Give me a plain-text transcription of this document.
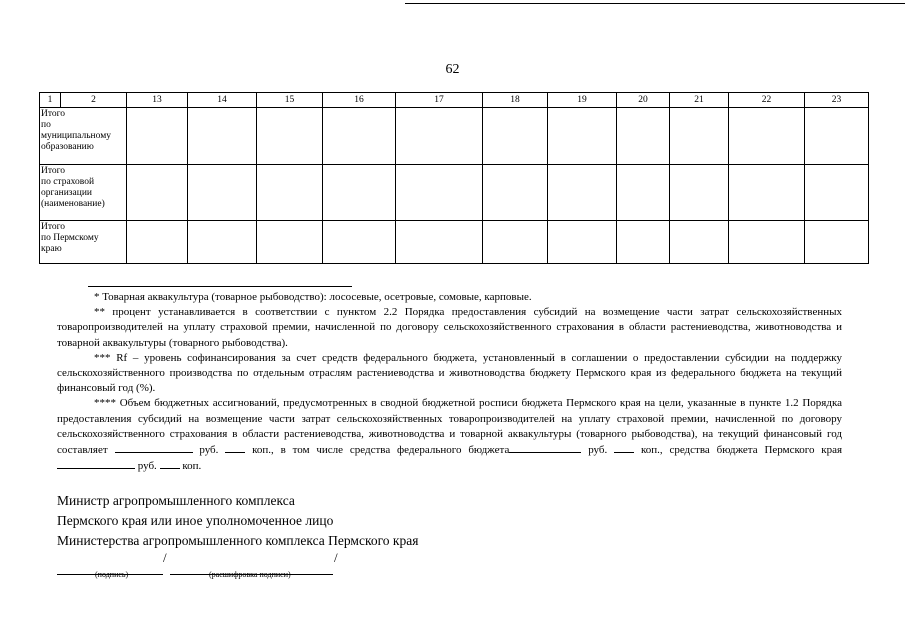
62
1	2	13	14	15	16	17	18	19	20	21	22	23
Итого
по
муниципальному
образованию												
Итого
по страховой
организации
(наименование)												
Итого
по Пермскому
краю												

* Товарная аквакультура (товарное рыбоводство): лососевые, осетровые, сомовые, карповые.

** процент устанавливается в соответствии с пунктом 2.2 Порядка предоставления субсидий на возмещение части затрат сельскохозяйственных товаропроизводителей на уплату страховой премии, начисленной по договору сельскохозяйственного страхования в области растениеводства, животноводства и товарной аквакультуры (товарного рыбоводства).

*** Rf – уровень софинансирования за счет средств федерального бюджета, установленный в соглашении о предоставлении субсидии на поддержку сельскохозяйственного производства по отдельным отраслям растениеводства и животноводства бюджету Пермского края из федерального бюджета на текущий финансовый год (%).

**** Объем бюджетных ассигнований, предусмотренных в сводной бюджетной росписи бюджета Пермского края на цели, указанные в пункте 1.2 Порядка предоставления субсидий на возмещение части затрат сельскохозяйственных товаропроизводителей на уплату страховой премии, начисленной по договору сельскохозяйственного страхования в области растениеводства, животноводства и товарной аквакультуры (товарного рыбоводства), на текущий финансовый год составляет	руб.	коп., в том числе средства федерального бюджета	руб.	коп., средства бюджета Пермского края  руб. коп.

Министр агропромышленного комплекса
Пермского края или иное уполномоченное лицо
Министерства агропромышленного комплекса Пермского края
/	/
(подпись)	(расшифровка подписи)
